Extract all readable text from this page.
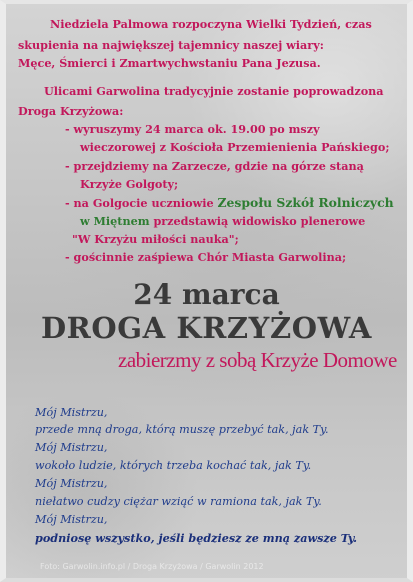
Niedziela Palmowa rozpoczyna Wielki Tydzień, czas
skupienia na największej tajemnicy naszej wiary:
Męce, Śmierci i Zmartwychwstaniu Pana Jezusa.
Ulicami Garwolina tradycyjnie zostanie poprowadzona
Droga Krzyżowa:
- wyruszymy 24 marca ok. 19.00 po mszy
wieczorowej z Kościoła Przemienienia Pańskiego;
- przejdziemy na Zarzecze, gdzie na górze staną
Krzyże Golgoty;
- na Golgocie uczniowie Zespołu Szkół Rolniczych
w Miętnem przedstawią widowisko plenerowe
"W Krzyżu miłości nauka";
- gościnnie zaśpiewa Chór Miasta Garwolina;
24 marca
DROGA KRZYŻOWA
zabierzmy z sobą Krzyże Domowe
Mój Mistrzu,
przede mną droga, którą muszę przebyć tak, jak Ty.
Mój Mistrzu,
wokoło ludzie, których trzeba kochać tak, jak Ty.
Mój Mistrzu,
niełatwo cudzy ciężar wziąć w ramiona tak, jak Ty.
Mój Mistrzu,
podniosę wszystko, jeśli będziesz ze mną zawsze Ty.
Foto: Garwolin.info.pl / Droga Krzyżowa / Garwolin 2012
